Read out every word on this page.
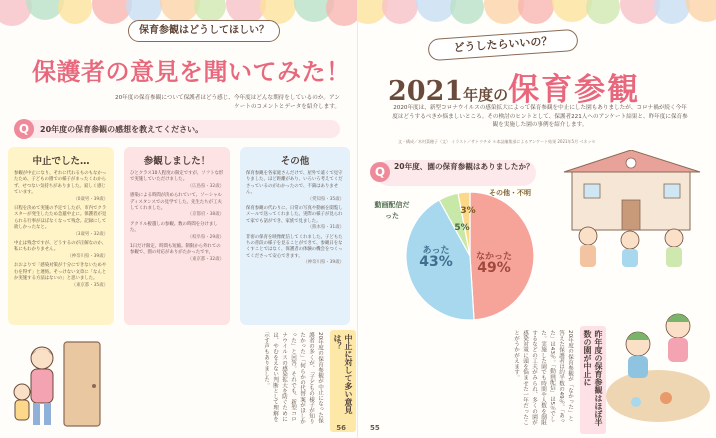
保育参観はどうしてほしい？
保護者の意見を聞いてみた！
20年度の保育参観について保護者はどう感じ、今年度はどんな期待をしているのか。アンケートのコメントとデータを紹介します。
Q	20年度の保育参観の感想を教えてください。
中止でした…

参観が中止になり、それに代わるものもなかったため、子どもの園での様子がまったくわからず、せつない気持ちがありました。寂しく感じています。
（0歳男・39歳）

日程を決めて実施の予定でしたが、市内でクラスターが発生したため急遽中止に。保護者が見られる行事がほぼなくなって残念。記録にして欲しかったなと。
（3歳男・32歳）

中止は残念ですが、どうするのが正解なのか、私にもわかりません。
（神奈川県・39歳）

おおよりで「感染対策が十分にできないためやむを得ず」と連絡。そっけない文章に「なんとか実施する方法はないの」と思いました。
（東京都・35歳）

参観しました！

ひとクラス10人程度の限定ですが、ソフトな形で実施していただけました。
（広島県・32歳）

感染による時間が決められていて、ソーシャルディスタンスでの見学でした。先生たちが工夫してくれました。
（京都府・38歳）

アクリル板越しの参観。数の時間を分けました。
（岐阜県・29歳）

1日だけ限定、時間も短縮。制限から外れての参観で、園の対応がありがたかったです。
（東京都・32歳）

その他

保育参観を各家庭さんだけで、屋外で遠くで見守りました。ほど距離があり、いろいろ考えてくださっているのがわかったので、不満はありません。
（愛知県・35歳）

保育参観の代わりに、日常の写真や動画を閲覧しメールで送ってくれました。実際の様子が見られて家でも話ができ、家族で見ました。
（熊本県・31歳）

非密の保育を映像配信してくれました。子どもたちの普段の様子を見ることができて、参観日をなくすことではなく、保護者の体験の機会をつくってくださって安心できます。
（神奈川県・39歳）

中止に対して多い意見は？
20年度の保育参観が中止になった保護者の多くが、「子どもの様子が知りたかった」「何らかの代替案がほしかった」と回答。それでも、新型コロナウイルスの感染拡大を防ぐためには、やむをえない判断として理解を示す声もありました。
56
どうしたらいいの？
2021年度の保育参観
2020年度は、新型コロナウイルスの感染拡大によって保育参観を中止にした園もありましたが、コロナ禍が続く今年度はどうするべきか悩ましいところ。その検討のヒントとして、保護者221人へのアンケート結果と、昨年度に保育参観を実施した園の事例を紹介します。
文・構成／木村菜穂子（文） イラスト／サトウチカ ＊本誌編集部によるアンケート結果 2021年5月 ベネッセ
Q	20年度、園の保育参観はありましたか？
動画配信だった
その他・不明
あった
43%	なかった
49%
5%
3%
20年度の保育参観が「なかった」と答えた保護者は約半数の49％。「あった」は43％。「動画配信」は5％でした。実施した園でも時間や人数を制限するなどの工夫がみられ、多くの園が感染対策に頭を悩ませた一年だったことがうかがえます。	昨年度の保育参観はほぼ半数の園が中止に
55
